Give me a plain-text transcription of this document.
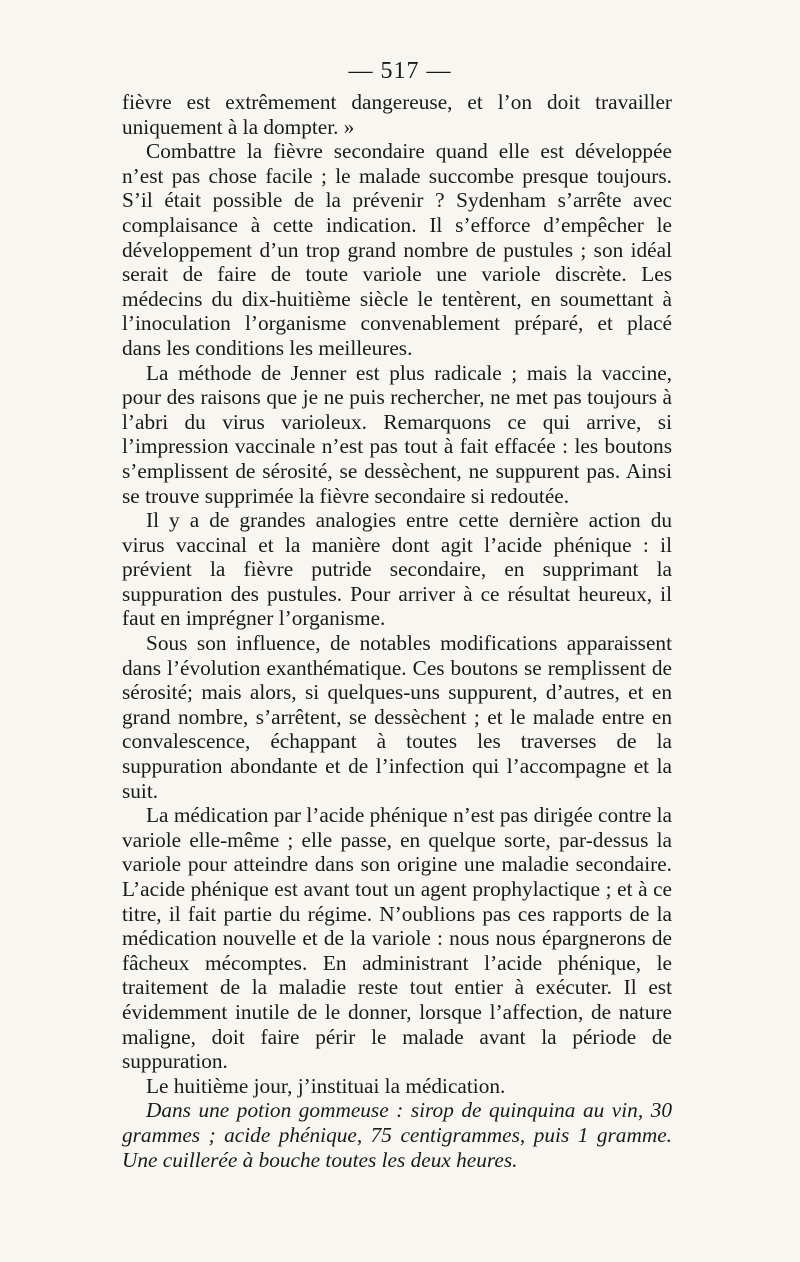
— 517 —

fièvre est extrêmement dangereuse, et l’on doit travailler uniquement à la dompter. »

Combattre la fièvre secondaire quand elle est développée n’est pas chose facile ; le malade succombe presque toujours. S’il était possible de la prévenir ? Sydenham s’arrête avec complaisance à cette indication. Il s’efforce d’empêcher le développement d’un trop grand nombre de pustules ; son idéal serait de faire de toute variole une variole discrète. Les médecins du dix-huitième siècle le tentèrent, en soumettant à l’inoculation l’organisme convenablement préparé, et placé dans les conditions les meilleures.

La méthode de Jenner est plus radicale ; mais la vaccine, pour des raisons que je ne puis rechercher, ne met pas toujours à l’abri du virus varioleux. Remarquons ce qui arrive, si l’impression vaccinale n’est pas tout à fait effacée : les boutons s’emplissent de sérosité, se dessèchent, ne suppurent pas. Ainsi se trouve supprimée la fièvre secondaire si redoutée.

Il y a de grandes analogies entre cette dernière action du virus vaccinal et la manière dont agit l’acide phénique : il prévient la fièvre putride secondaire, en supprimant la suppuration des pustules. Pour arriver à ce résultat heureux, il faut en imprégner l’organisme.

Sous son influence, de notables modifications apparaissent dans l’évolution exanthématique. Ces boutons se remplissent de sérosité; mais alors, si quelques-uns suppurent, d’autres, et en grand nombre, s’arrêtent, se dessèchent ; et le malade entre en convalescence, échappant à toutes les traverses de la suppuration abondante et de l’infection qui l’accompagne et la suit.

La médication par l’acide phénique n’est pas dirigée contre la variole elle-même ; elle passe, en quelque sorte, par-dessus la variole pour atteindre dans son origine une maladie secondaire. L’acide phénique est avant tout un agent prophylactique ; et à ce titre, il fait partie du régime. N’oublions pas ces rapports de la médication nouvelle et de la variole : nous nous épargnerons de fâcheux mécomptes. En administrant l’acide phénique, le traitement de la maladie reste tout entier à exécuter. Il est évidemment inutile de le donner, lorsque l’affection, de nature maligne, doit faire périr le malade avant la période de suppuration.

Le huitième jour, j’instituai la médication.

Dans une potion gommeuse : sirop de quinquina au vin, 30 grammes ; acide phénique, 75 centigrammes, puis 1 gramme. Une cuillerée à bouche toutes les deux heures.
